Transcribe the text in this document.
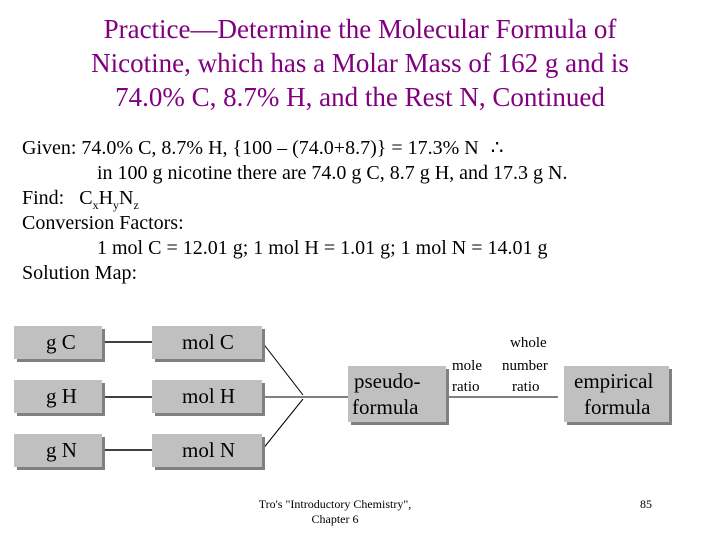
Practice—Determine the Molecular Formula of
Nicotine, which has a Molar Mass of 162 g and is
74.0% C, 8.7% H, and the Rest N, Continued
Given: 74.0% C, 8.7% H, {100 – (74.0+8.7)} = 17.3% N ∴
in 100 g nicotine there are 74.0 g C, 8.7 g H, and 17.3 g N.
Find: $C_xH_yN_z$
Conversion Factors:
1 mol C = 12.01 g; 1 mol H = 1.01 g; 1 mol N = 14.01 g
Solution Map:
g C
g H
g N
mol C
mol H
mol N
pseudo-
formula
empirical
formula
mole
ratio
whole
number
ratio
Tro's "Introductory Chemistry",
Chapter 6
85
